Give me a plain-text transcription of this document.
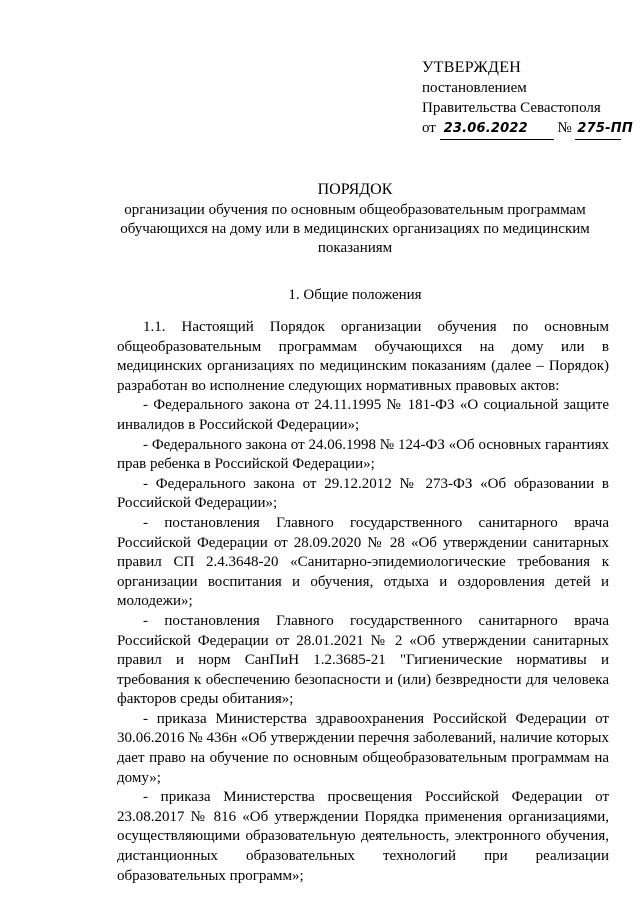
УТВЕРЖДЕН
постановлением
Правительства Севастополя
от 23.06.2022 № 275-ПП
ПОРЯДОК
организации обучения по основным общеобразовательным программам обучающихся на дому или в медицинских организациях по медицинским показаниям
1. Общие положения

1.1. Настоящий Порядок организации обучения по основным общеобразовательным программам обучающихся на дому или в медицинских организациях по медицинским показаниям (далее – Порядок) разработан во исполнение следующих нормативных правовых актов:

- Федерального закона от 24.11.1995 № 181-ФЗ «О социальной защите инвалидов в Российской Федерации»;

- Федерального закона от 24.06.1998 № 124-ФЗ «Об основных гарантиях прав ребенка в Российской Федерации»;

- Федерального закона от 29.12.2012 № 273-ФЗ «Об образовании в Российской Федерации»;

- постановления Главного государственного санитарного врача Российской Федерации от 28.09.2020 № 28 «Об утверждении санитарных правил СП 2.4.3648-20 «Санитарно-эпидемиологические требования к организации воспитания и обучения, отдыха и оздоровления детей и молодежи»;

- постановления Главного государственного санитарного врача Российской Федерации от 28.01.2021 № 2 «Об утверждении санитарных правил и норм СанПиН 1.2.3685-21 "Гигиенические нормативы и требования к обеспечению безопасности и (или) безвредности для человека факторов среды обитания»;

- приказа Министерства здравоохранения Российской Федерации от 30.06.2016 № 436н «Об утверждении перечня заболеваний, наличие которых дает право на обучение по основным общеобразовательным программам на дому»;

- приказа Министерства просвещения Российской Федерации от 23.08.2017 № 816 «Об утверждении Порядка применения организациями, осуществляющими образовательную деятельность, электронного обучения, дистанционных образовательных технологий при реализации образовательных программ»;
